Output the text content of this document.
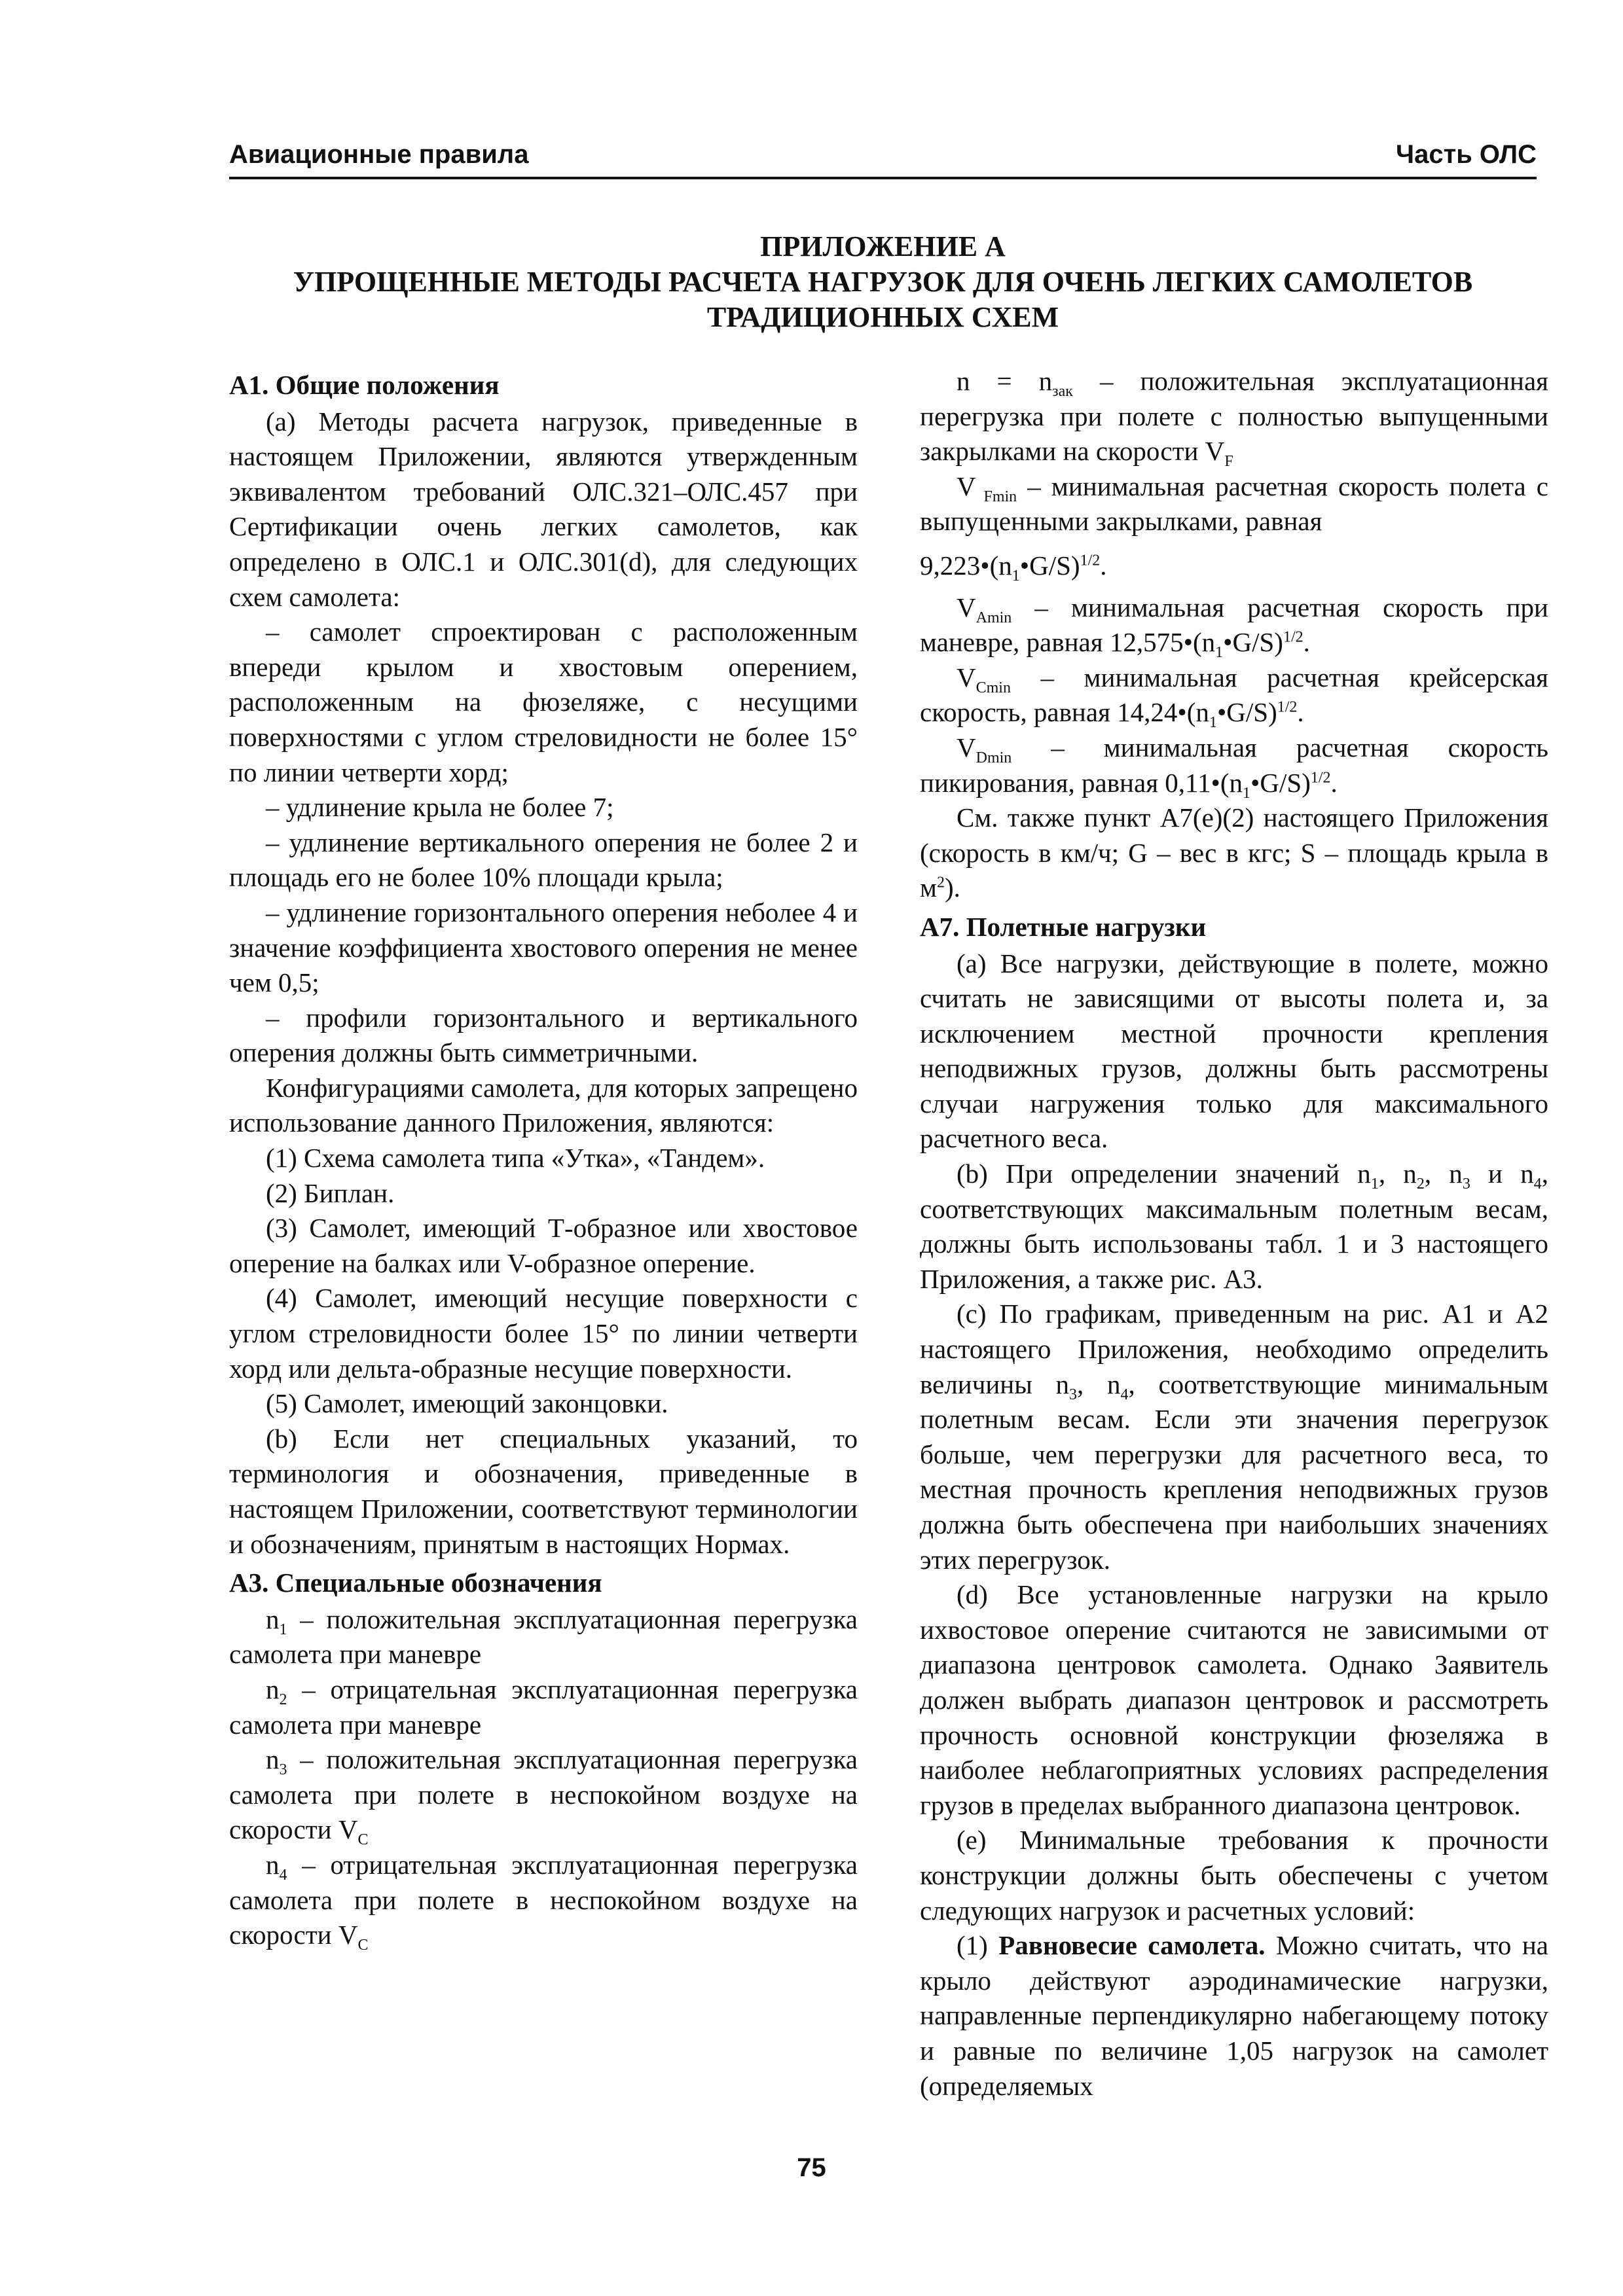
Авиационные правила	Часть ОЛС
ПРИЛОЖЕНИЕ А
УПРОЩЕННЫЕ МЕТОДЫ РАСЧЕТА НАГРУЗОК ДЛЯ ОЧЕНЬ ЛЕГКИХ САМОЛЕТОВ
ТРАДИЦИОННЫХ СХЕМ
А1. Общие положения

(a) Методы расчета нагрузок, приведенные в настоящем Приложении, являются утвержденным эквивалентом требований ОЛС.321–ОЛС.457 при Сертификации очень легких самолетов, как определено в ОЛС.1 и ОЛС.301(d), для следующих схем самолета:

– самолет спроектирован с расположенным впереди крылом и хвостовым оперением, расположенным на фюзеляже, с несущими поверхностями с углом стреловидности не более 15° по линии четверти хорд;

– удлинение крыла не более 7;

– удлинение вертикального оперения не более 2 и площадь его не более 10% площади крыла;

– удлинение горизонтального оперения неболее 4 и значение коэффициента хвостового оперения не менее чем 0,5;

– профили горизонтального и вертикального оперения должны быть симметричными.

Конфигурациями самолета, для которых запрещено использование данного Приложения, являются:

(1) Схема самолета типа «Утка», «Тандем».

(2) Биплан.

(3) Самолет, имеющий Т-образное или хвостовое оперение на балках или V-образное оперение.

(4) Самолет, имеющий несущие поверхности с углом стреловидности более 15° по линии четверти хорд или дельта-образные несущие поверхности.

(5) Самолет, имеющий законцовки.

(b) Если нет специальных указаний, то терминология и обозначения, приведенные в настоящем Приложении, соответствуют терминологии и обозначениям, принятым в настоящих Нормах.

А3. Специальные обозначения

$n_1$ – положительная эксплуатационная перегрузка самолета при маневре

$n_2$ – отрицательная эксплуатационная перегрузка самолета при маневре

$n_3$ – положительная эксплуатационная перегрузка самолета при полете в неспокойном воздухе на скорости $V_C$

$n_4$ – отрицательная эксплуатационная перегрузка самолета при полете в неспокойном воздухе на скорости $V_C$

$n = n_{зак}$ – положительная эксплуатационная перегрузка при полете с полностью выпущенными закрылками на скорости $V_F$

V $_{Fmin}$ – минимальная расчетная скорость полета с выпущенными закрылками, равная

$9,223•(n_1•G/S)^{1/2}$.

$V_{Amin}$ – минимальная расчетная скорость при маневре, равная $12,575•(n_1•G/S)^{1/2}$.

$V_{Cmin}$ – минимальная расчетная крейсерская скорость, равная $14,24•(n_1•G/S)^{1/2}$.

$V_{Dmin}$ – минимальная расчетная скорость пикирования, равная $0,11•(n_1•G/S)^{1/2}$.

См. также пункт А7(e)(2) настоящего Приложения (скорость в км/ч; G – вес в кгс; S – площадь крыла в $м^2$).

А7. Полетные нагрузки

(a) Все нагрузки, действующие в полете, можно считать не зависящими от высоты полета и, за исключением местной прочности крепления неподвижных грузов, должны быть рассмотрены случаи нагружения только для максимального расчетного веса.

(b) При определении значений $n_1$, $n_2$, $n_3$ и $n_4$, соответствующих максимальным полетным весам, должны быть использованы табл. 1 и 3 настоящего Приложения, а также рис. А3.

(c) По графикам, приведенным на рис. А1 и А2 настоящего Приложения, необходимо определить величины $n_3$, $n_4$, соответствующие минимальным полетным весам. Если эти значения перегрузок больше, чем перегрузки для расчетного веса, то местная прочность крепления неподвижных грузов должна быть обеспечена при наибольших значениях этих перегрузок.

(d) Все установленные нагрузки на крыло ихвостовое оперение считаются не зависимыми от диапазона центровок самолета. Однако Заявитель должен выбрать диапазон центровок и рассмотреть прочность основной конструкции фюзеляжа в наиболее неблагоприятных условиях распределения грузов в пределах выбранного диапазона центровок.

(e) Минимальные требования к прочности конструкции должны быть обеспечены с учетом следующих нагрузок и расчетных условий:

(1) Равновесие самолета. Можно считать, что на крыло действуют аэродинамические нагрузки, направленные перпендикулярно набегающему потоку и равные по величине 1,05 нагрузок на самолет (определяемых

75
